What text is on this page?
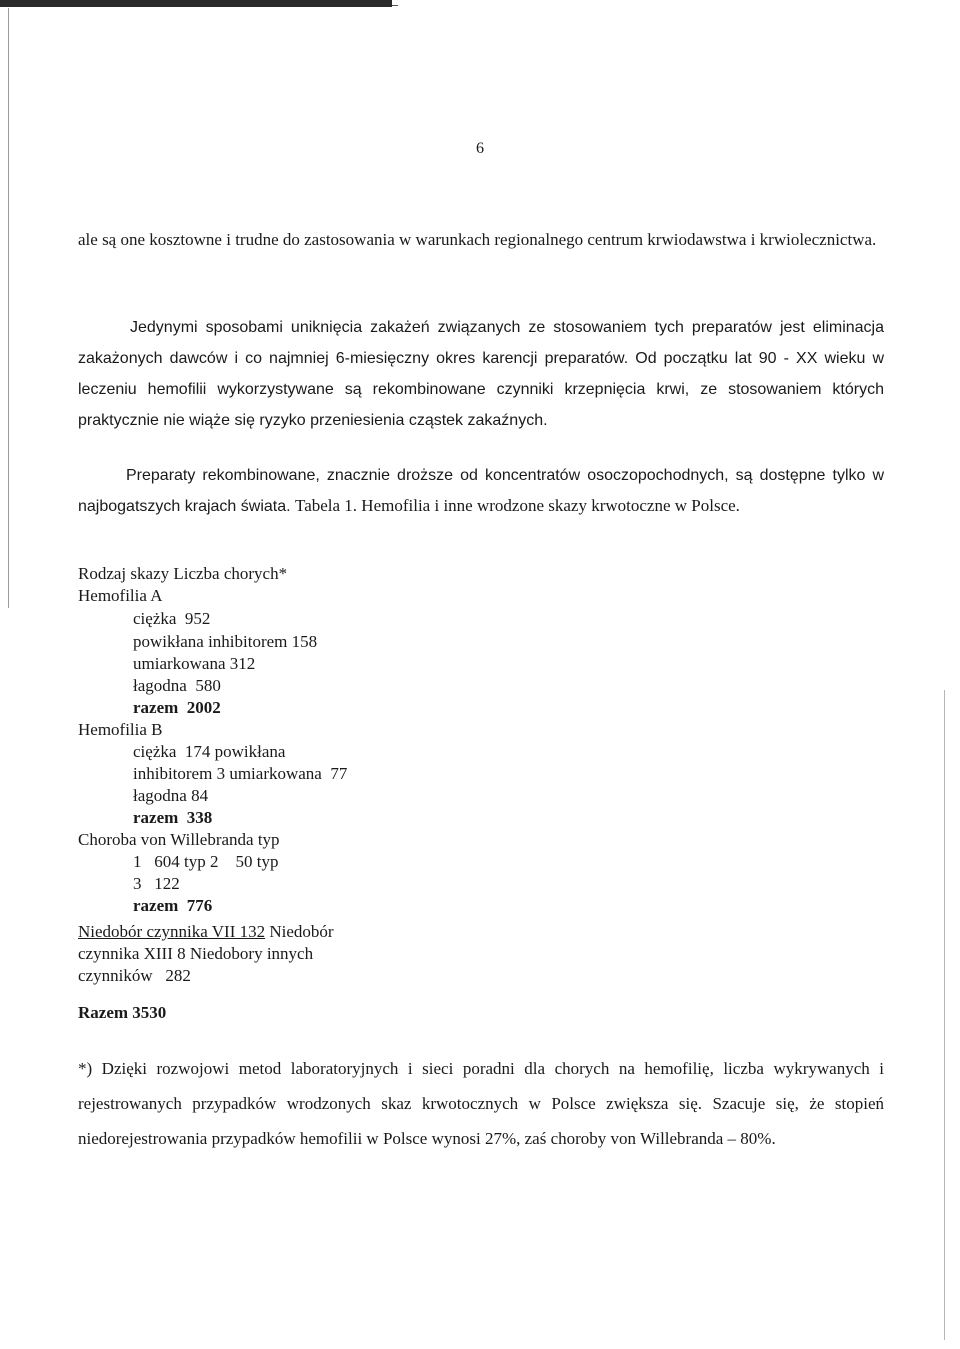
6

ale są one kosztowne i trudne do zastosowania w warunkach regionalnego centrum krwiodawstwa i krwiolecznictwa.

Jedynymi sposobami uniknięcia zakażeń związanych ze stosowaniem tych preparatów jest eliminacja zakażonych dawców i co najmniej 6-miesięczny okres karencji preparatów. Od początku lat 90 - XX wieku w leczeniu hemofilii wykorzystywane są rekombinowane czynniki krzepnięcia krwi, ze stosowaniem których praktycznie nie wiąże się ryzyko przeniesienia cząstek zakaźnych.

Preparaty rekombinowane, znacznie droższe od koncentratów osoczopochodnych, są dostępne tylko w najbogatszych krajach świata. Tabela 1. Hemofilia i inne wrodzone skazy krwotoczne w Polsce.

Rodzaj skazy Liczba chorych*

Hemofilia A

ciężka  952

powikłana inhibitorem 158

umiarkowana 312

łagodna  580

razem  2002

Hemofilia B

ciężka  174 powikłana

inhibitorem 3 umiarkowana  77

łagodna 84

razem  338

Choroba von Willebranda typ

1   604 typ 2    50 typ

3   122

razem  776

Niedobór czynnika VII 132 Niedobór

czynnika XIII 8 Niedobory innych

czynników   282

Razem 3530

*) Dzięki rozwojowi metod laboratoryjnych i sieci poradni dla chorych na hemofilię, liczba wykrywanych i rejestrowanych przypadków wrodzonych skaz krwotocznych w Polsce zwiększa się. Szacuje się, że stopień niedorejestrowania przypadków hemofilii w Polsce wynosi 27%, zaś choroby von Willebranda – 80%.
